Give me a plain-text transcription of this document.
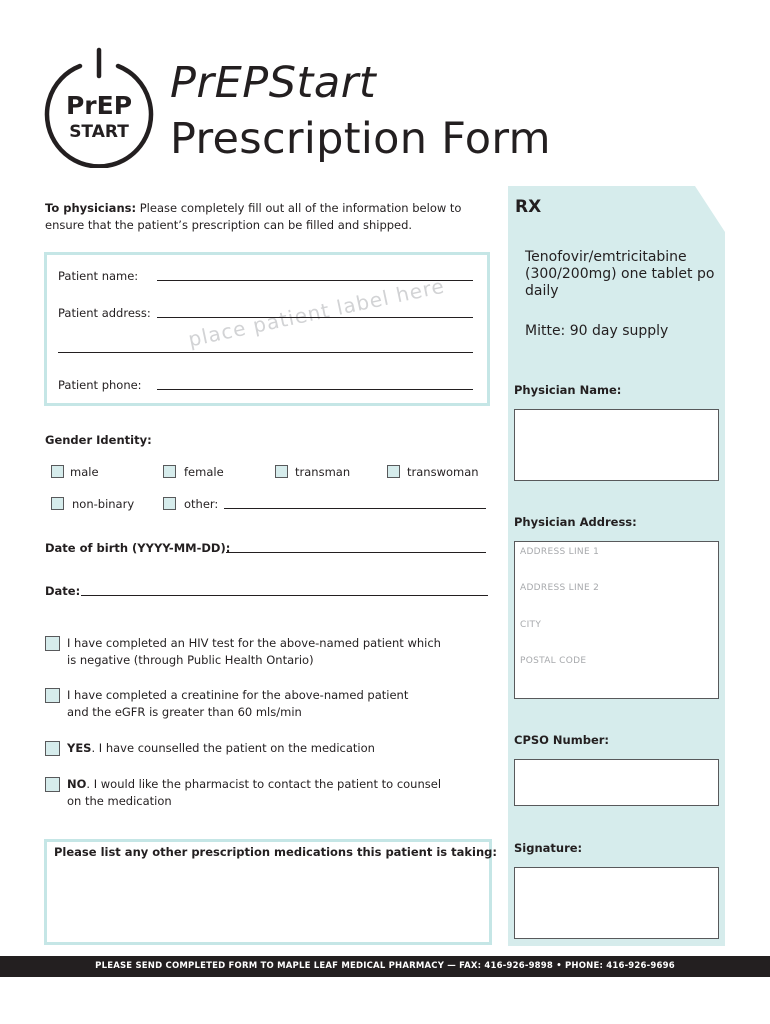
PrEP
START
PrEPStart
Prescription Form
To physicians: Please completely fill out all of the information below to ensure that the patient’s prescription can be filled and shipped.
place patient label here
Patient name:
Patient address:
Patient phone:
Gender Identity:
male	female	transman	transwoman
non-binary	other:
Date of birth (YYYY-MM-DD):
Date:
I have completed an HIV test for the above-named patient which
is negative (through Public Health Ontario)
I have completed a creatinine for the above-named patient
and the eGFR is greater than 60 mls/min
YES. I have counselled the patient on the medication
NO. I would like the pharmacist to contact the patient to counsel
on the medication
Please list any other prescription medications this patient is taking:
RX
Tenofovir/emtricitabine (300/200mg) one tablet po daily
Mitte: 90 day supply
Physician Name:
Physician Address:
ADDRESS LINE 1
ADDRESS LINE 2
CITY
POSTAL CODE
CPSO Number:
Signature:
PLEASE SEND COMPLETED FORM TO MAPLE LEAF MEDICAL PHARMACY — FAX: 416-926-9898 • PHONE: 416-926-9696
